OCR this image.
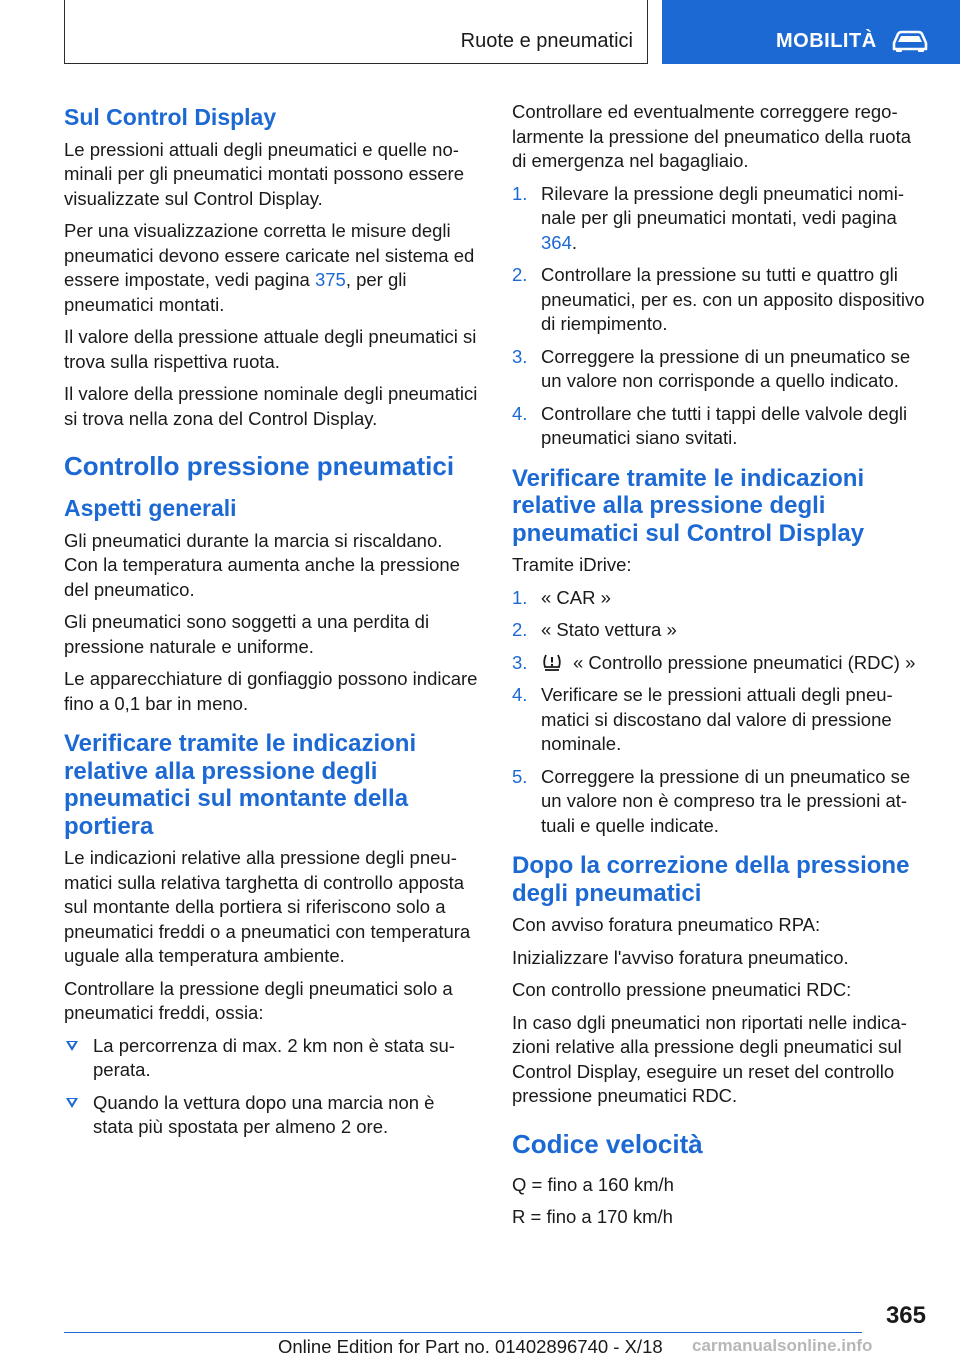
Ruote e pneumatici	MOBILITÀ
Sul Control Display

Le pressioni attuali degli pneumatici e quelle nominali per gli pneumatici montati possono essere visualizzate sul Control Display.

Per una visualizzazione corretta le misure degli pneumatici devono essere caricate nel sistema ed essere impostate, vedi pagina 375, per gli pneumatici montati.

Il valore della pressione attuale degli pneumatici si trova sulla rispettiva ruota.

Il valore della pressione nominale degli pneumatici si trova nella zona del Control Display.

Controllo pressione pneumatici
Aspetti generali

Gli pneumatici durante la marcia si riscaldano. Con la temperatura aumenta anche la pressione del pneumatico.

Gli pneumatici sono soggetti a una perdita di pressione naturale e uniforme.

Le apparecchiature di gonfiaggio possono indicare fino a 0,1 bar in meno.

Verificare tramite le indicazioni relative alla pressione degli pneumatici sul montante della portiera

Le indicazioni relative alla pressione degli pneumatici sulla relativa targhetta di controllo apposta sul montante della portiera si riferiscono solo a pneumatici freddi o a pneumatici con temperatura uguale alla temperatura ambiente.

Controllare la pressione degli pneumatici solo a pneumatici freddi, ossia:

La percorrenza di max. 2 km non è stata superata.
Quando la vettura dopo una marcia non è stata più spostata per almeno 2 ore.

Controllare ed eventualmente correggere regolarmente la pressione del pneumatico della ruota di emergenza nel bagagliaio.

1. Rilevare la pressione degli pneumatici nominale per gli pneumatici montati, vedi pagina 364.
2. Controllare la pressione su tutti e quattro gli pneumatici, per es. con un apposito dispositivo di riempimento.
3. Correggere la pressione di un pneumatico se un valore non corrisponde a quello indicato.
4. Controllare che tutti i tappi delle valvole degli pneumatici siano svitati.
Verificare tramite le indicazioni relative alla pressione degli pneumatici sul Control Display

Tramite iDrive:

1. « CAR »
2. « Stato vettura »
3. « Controllo pressione pneumatici (RDC) »
4. Verificare se le pressioni attuali degli pneumatici si discostano dal valore di pressione nominale.
5. Correggere la pressione di un pneumatico se un valore non è compreso tra le pressioni attuali e quelle indicate.
Dopo la correzione della pressione degli pneumatici

Con avviso foratura pneumatico RPA:

Inizializzare l'avviso foratura pneumatico.

Con controllo pressione pneumatici RDC:

In caso dgli pneumatici non riportati nelle indicazioni relative alla pressione degli pneumatici sul Control Display, eseguire un reset del controllo pressione pneumatici RDC.

Codice velocità

Q = fino a 160 km/h

R = fino a 170 km/h

365
Online Edition for Part no. 01402896740 - X/18 carmanualsonline.info
